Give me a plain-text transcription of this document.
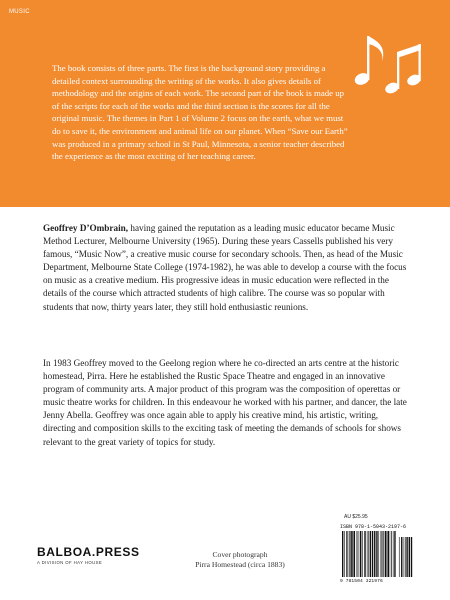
MUSIC

The book consists of three parts. The first is the background story providing a detailed context surrounding the writing of the works. It also gives details of methodology and the origins of each work. The second part of the book is made up of the scripts for each of the works and the third section is the scores for all the original music. The themes in Part 1 of Volume 2 focus on the earth, what we must do to save it, the environment and animal life on our planet. When “Save our Earth” was produced in a primary school in St Paul, Minnesota, a senior teacher described the experience as the most exciting of her teaching career.

Geoffrey D’Ombrain, having gained the reputation as a leading music educator became Music Method Lecturer, Melbourne University (1965). During these years Cassells published his very famous, “Music Now”, a creative music course for secondary schools. Then, as head of the Music Department, Melbourne State College (1974-1982), he was able to develop a course with the focus on music as a creative medium. His progressive ideas in music education were reflected in the details of the course which attracted students of high calibre. The course was so popular with students that now, thirty years later, they still hold enthusiastic reunions.

In 1983 Geoffrey moved to the Geelong region where he co-directed an arts centre at the historic homestead, Pirra. Here he established the Rustic Space Theatre and engaged in an innovative program of community arts. A major product of this program was the composition of operettas or music theatre works for children. In this endeavour he worked with his partner, and dancer, the late Jenny Abella. Geoffrey was once again able to apply his creative mind, his artistic, writing, directing and composition skills to the exciting task of meeting the demands of schools for shows relevant to the great variety of topics for study.

BALBOA.PRESS
A DIVISION OF HAY HOUSE
Cover photograph
Pirra Homestead (circa 1883)
AU $25.95
ISBN 978-1-5043-2197-6
9 781504 321976
